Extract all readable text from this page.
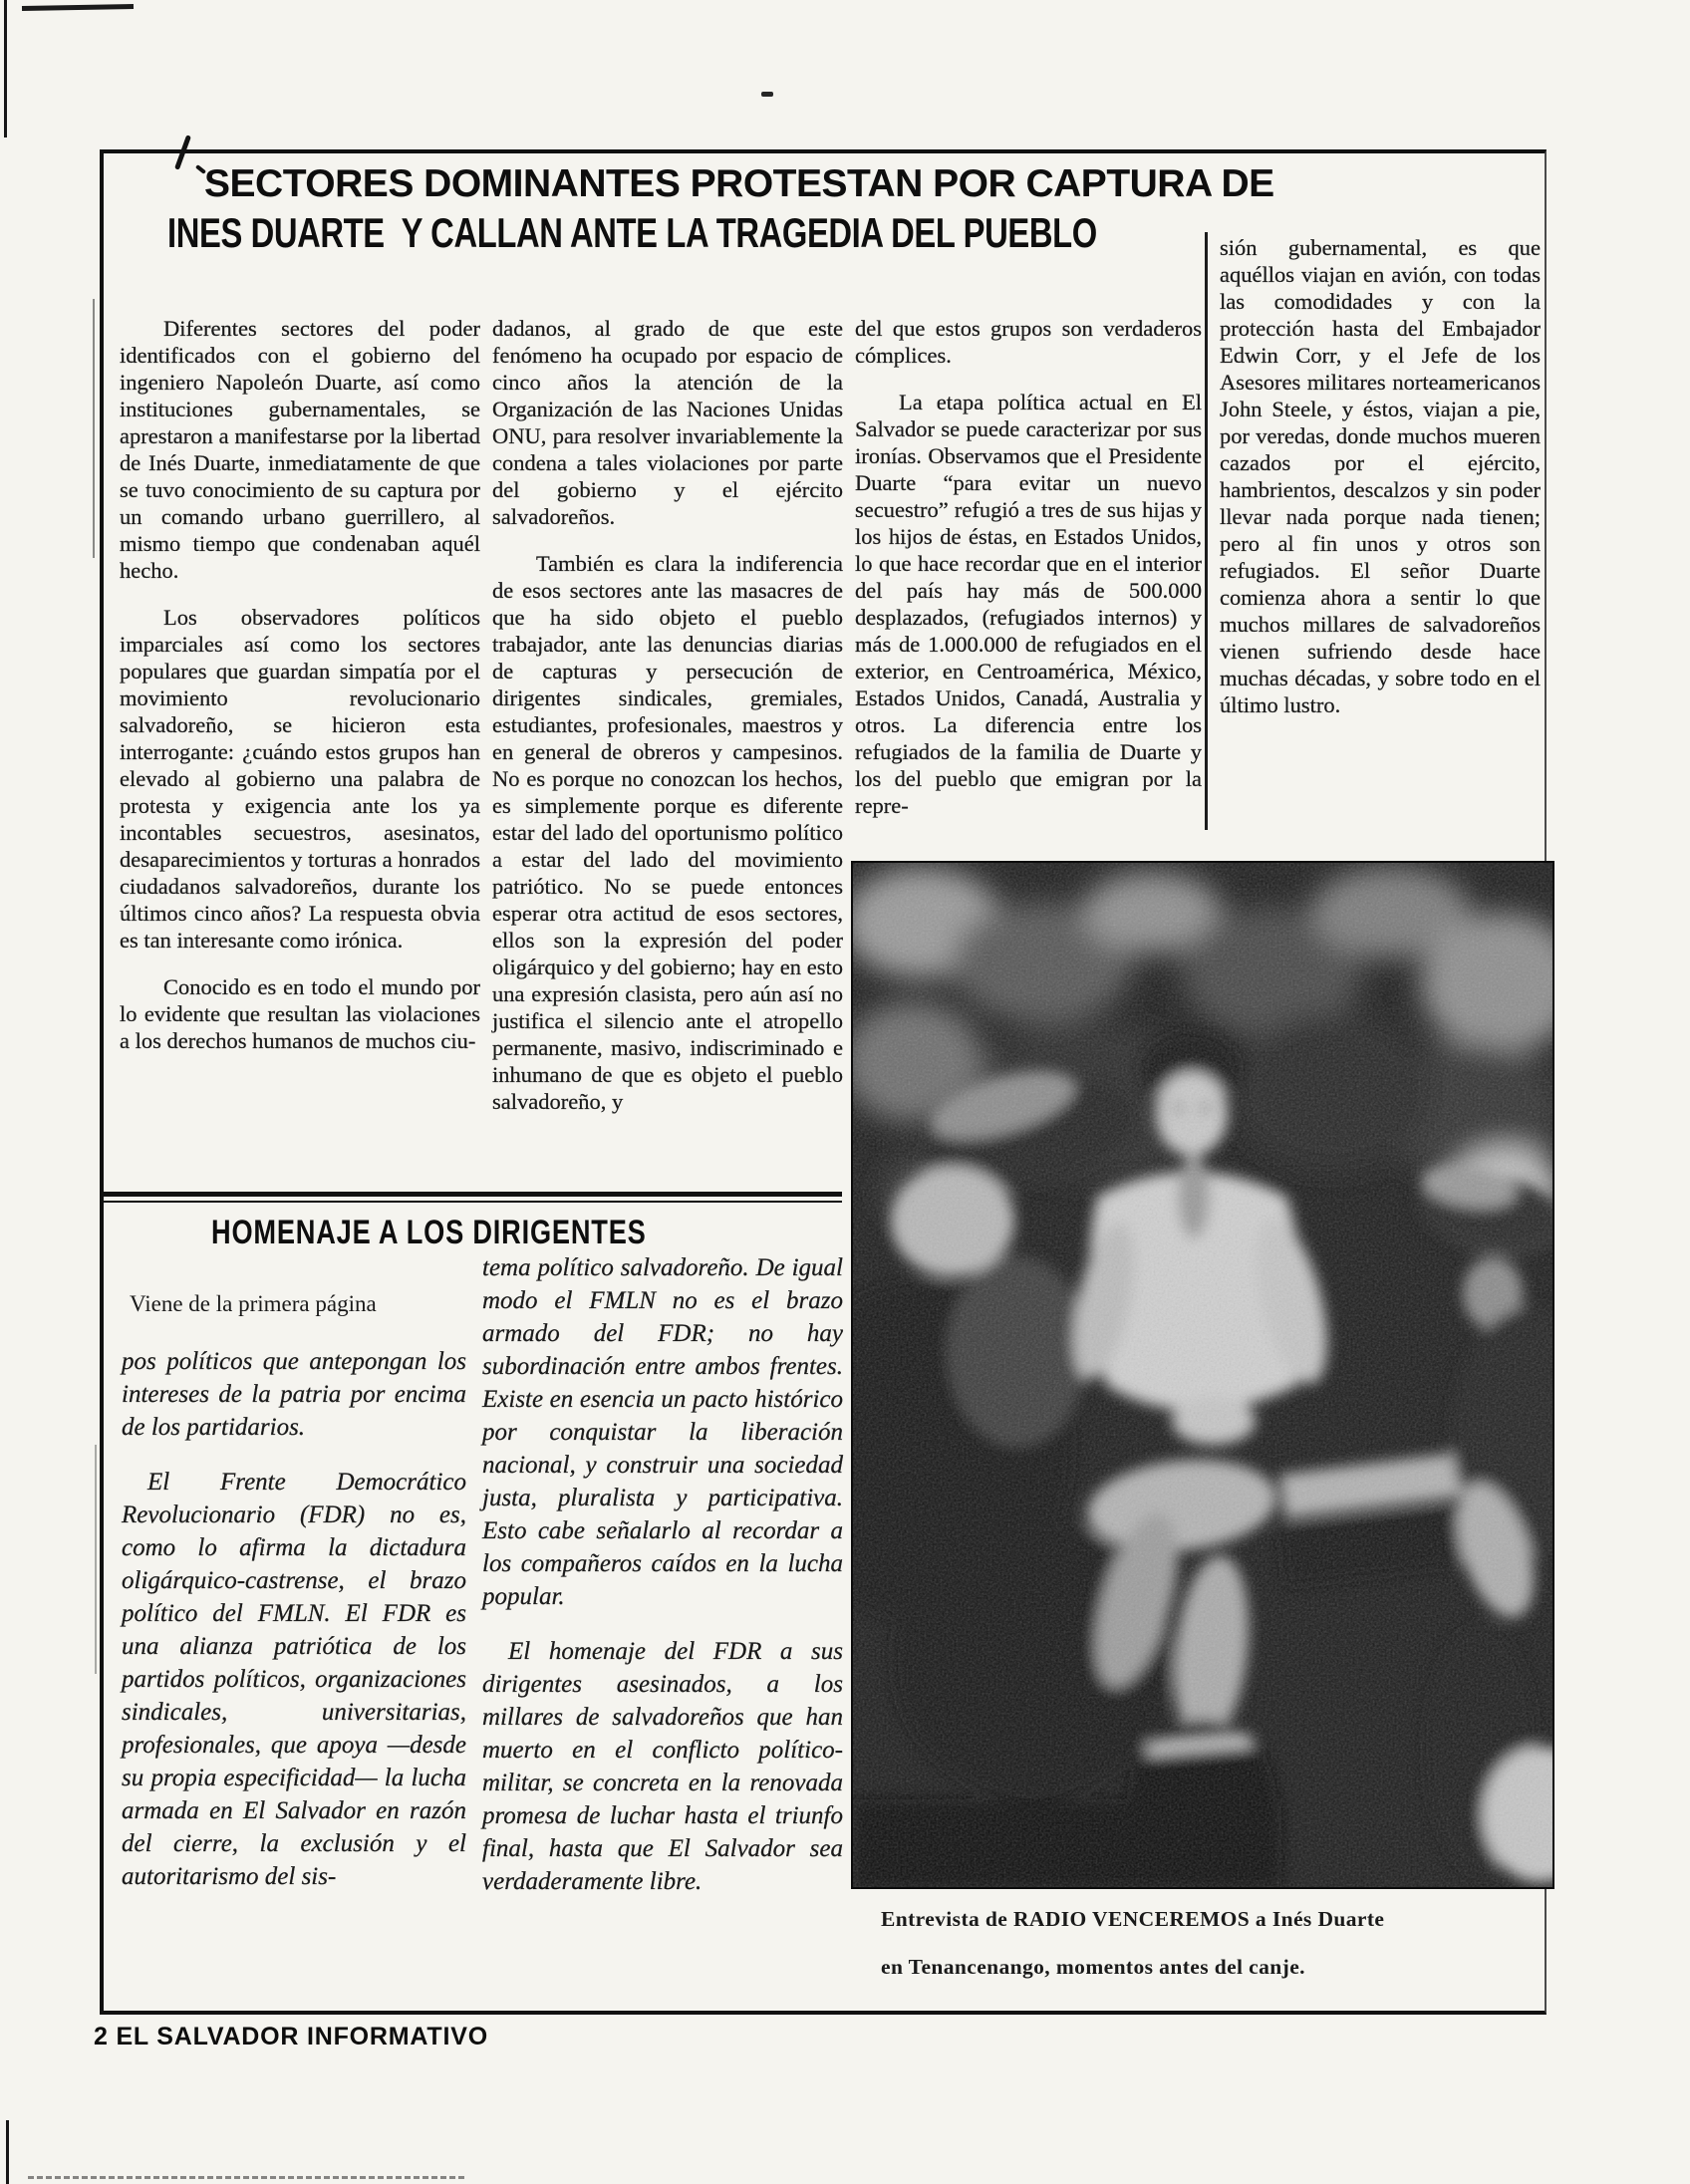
SECTORES DOMINANTES PROTESTAN POR CAPTURA DE
INES DUARTE  Y CALLAN ANTE LA TRAGEDIA DEL PUEBLO

Diferentes sectores del poder identificados con el gobierno del ingeniero Napoleón Duarte, así como instituciones gubernamentales, se aprestaron a manifestarse por la libertad de Inés Duarte, inmediatamente de que se tuvo conocimiento de su captura por un comando urbano guerrillero, al mismo tiempo que condenaban aquél hecho.

Los observadores políticos imparciales así como los sectores populares que guardan simpatía por el movimiento revolucionario salvadoreño, se hicieron esta interrogante: ¿cuándo estos grupos han elevado al gobierno una palabra de protesta y exigencia ante los ya incontables secuestros, asesinatos, desaparecimientos y torturas a honrados ciudadanos salvadoreños, durante los últimos cinco años? La respuesta obvia es tan interesante como irónica.

Conocido es en todo el mundo por lo evidente que resultan las violaciones a los derechos humanos de muchos ciu-

dadanos, al grado de que este fenómeno ha ocupado por espacio de cinco años la atención de la Organización de las Naciones Unidas ONU, para resolver invariablemente la condena a tales violaciones por parte del gobierno y el ejército salvadoreños.

También es clara la indiferencia de esos sectores ante las masacres de que ha sido objeto el pueblo trabajador, ante las denuncias diarias de capturas y persecución de dirigentes sindicales, gremiales, estudiantes, profesionales, maestros y en general de obreros y campesinos. No es porque no conozcan los hechos, es simplemente porque es diferente estar del lado del oportunismo político a estar del lado del movimiento patriótico. No se puede entonces esperar otra actitud de esos sectores, ellos son la expresión del poder oligárquico y del gobierno; hay en esto una expresión clasista, pero aún así no justifica el silencio ante el atropello permanente, masivo, indiscriminado e inhumano de que es objeto el pueblo salvadoreño, y

del que estos grupos son verdaderos cómplices.

La etapa política actual en El Salvador se puede caracterizar por sus ironías. Observamos que el Presidente Duarte “para evitar un nuevo secuestro” refugió a tres de sus hijas y los hijos de éstas, en Estados Unidos, lo que hace recordar que en el interior del país hay más de 500.000 desplazados, (refugiados internos) y más de 1.000.000 de refugiados en el exterior, en Centroamérica, México, Estados Unidos, Canadá, Australia y otros. La diferencia entre los refugiados de la familia de Duarte y los del pueblo que emigran por la repre-

sión gubernamental, es que aquéllos viajan en avión, con todas las comodidades y con la protección hasta del Embajador Edwin Corr, y el Jefe de los Asesores militares norteamericanos John Steele, y éstos, viajan a pie, por veredas, donde muchos mueren cazados por el ejército, hambrientos, descalzos y sin poder llevar nada porque nada tienen; pero al fin unos y otros son refugiados. El señor Duarte comienza ahora a sentir lo que muchos millares de salvadoreños vienen sufriendo desde hace muchas décadas, y sobre todo en el último lustro.

HOMENAJE A LOS DIRIGENTES
Viene de la primera página

pos políticos que antepongan los intereses de la patria por encima de los partidarios.

El Frente Democrático Revolucionario (FDR) no es, como lo afirma la dictadura oligárquico-castrense, el brazo político del FMLN. El FDR es una alianza patriótica de los partidos políticos, organizaciones sindicales, universitarias, profesionales, que apoya —desde su propia especificidad— la lucha armada en El Salvador en razón del cierre, la exclusión y el autoritarismo del sis-

tema político salvadoreño. De igual modo el FMLN no es el brazo armado del FDR; no hay subordinación entre ambos frentes. Existe en esencia un pacto histórico por conquistar la liberación nacional, y construir una sociedad justa, pluralista y participativa. Esto cabe señalarlo al recordar a los compañeros caídos en la lucha popular.

El homenaje del FDR a sus dirigentes asesinados, a los millares de salvadoreños que han muerto en el conflicto político-militar, se concreta en la renovada promesa de luchar hasta el triunfo final, hasta que El Salvador sea verdaderamente libre.

Entrevista de RADIO VENCEREMOS a Inés Duarte
en Tenancenango, momentos antes del canje.
2 EL SALVADOR INFORMATIVO
